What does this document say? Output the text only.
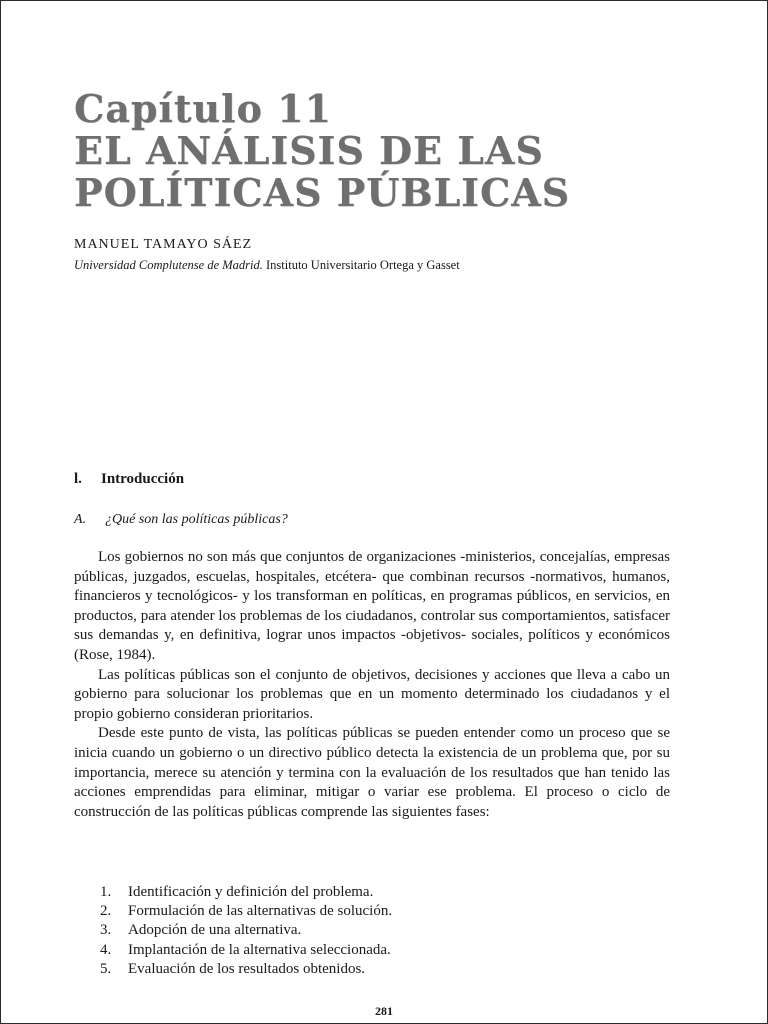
Capítulo 11

EL ANÁLISIS DE LAS

POLÍTICAS PÚBLICAS

MANUEL TAMAYO SÁEZ
Universidad Complutense de Madrid. Instituto Universitario Ortega y Gasset
l. Introducción
A. ¿Qué son las políticas públicas?

Los gobiernos no son más que conjuntos de organizaciones -ministerios, concejalías, empresas públicas, juzgados, escuelas, hospitales, etcétera- que combinan recursos -normativos, humanos, financieros y tecnológicos- y los transforman en políticas, en programas públicos, en servicios, en productos, para atender los problemas de los ciudadanos, controlar sus comportamientos, satisfacer sus demandas y, en definitiva, lograr unos impactos -objetivos- sociales, políticos y económicos (Rose, 1984).

Las políticas públicas son el conjunto de objetivos, decisiones y acciones que lleva a cabo un gobierno para solucionar los problemas que en un momento determinado los ciudadanos y el propio gobierno consideran prioritarios.

Desde este punto de vista, las políticas públicas se pueden entender como un proceso que se inicia cuando un gobierno o un directivo público detecta la existencia de un problema que, por su importancia, merece su atención y termina con la evaluación de los resultados que han tenido las acciones emprendidas para eliminar, mitigar o variar ese problema. El proceso o ciclo de construcción de las políticas públicas comprende las siguientes fases:

1. Identificación y definición del problema.
2. Formulación de las alternativas de solución.
3. Adopción de una alternativa.
4. Implantación de la alternativa seleccionada.
5. Evaluación de los resultados obtenidos.
281
